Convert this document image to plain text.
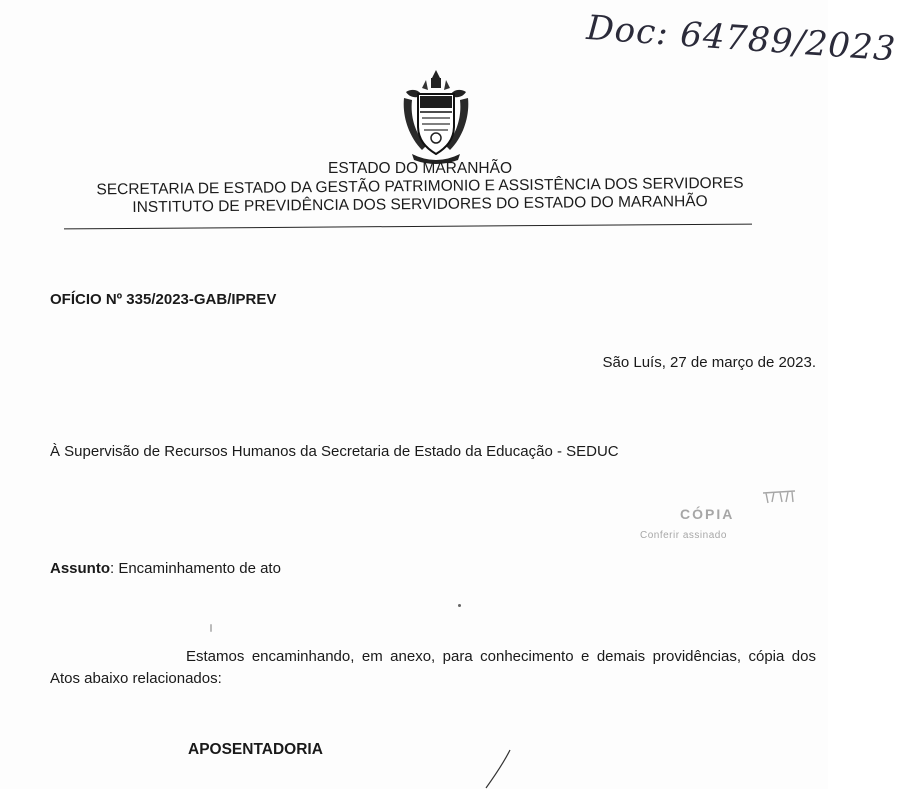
Doc: 64789/2023
ESTADO DO MARANHÃO
SECRETARIA DE ESTADO DA GESTÃO PATRIMONIO E ASSISTÊNCIA DOS SERVIDORES
INSTITUTO DE PREVIDÊNCIA DOS SERVIDORES DO ESTADO DO MARANHÃO
OFÍCIO Nº 335/2023-GAB/IPREV
São Luís, 27 de março de 2023.
À Supervisão de Recursos Humanos da Secretaria de Estado da Educação - SEDUC
CÓPIA
Conferir assinado
Assunto: Encaminhamento de ato
Estamos encaminhando, em anexo, para conhecimento e demais providências, cópia dos Atos abaixo relacionados:
APOSENTADORIA
